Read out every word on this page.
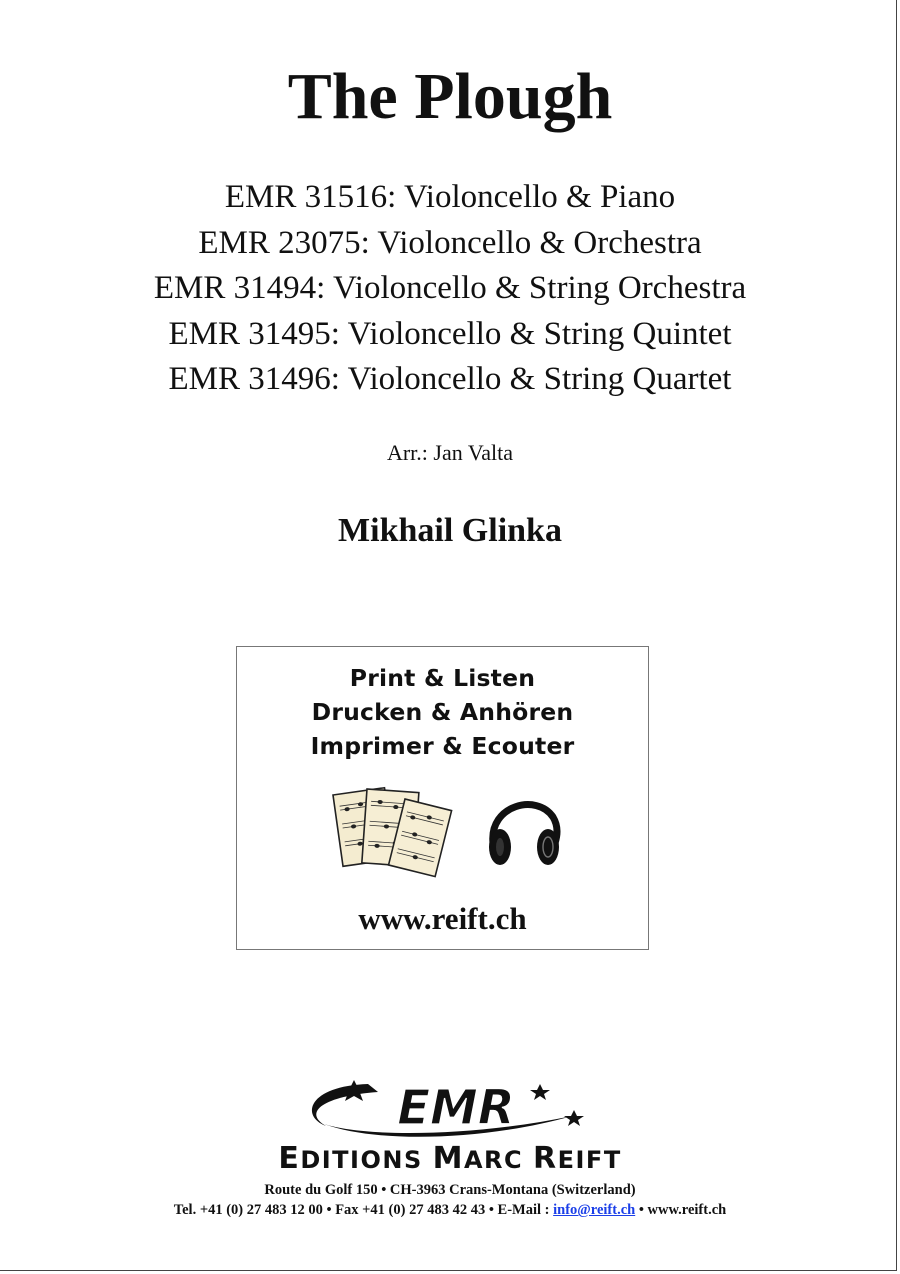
The Plough
EMR 31516: Violoncello & Piano
EMR 23075: Violoncello & Orchestra
EMR 31494: Violoncello & String Orchestra
EMR 31495: Violoncello & String Quintet
EMR 31496: Violoncello & String Quartet
Arr.: Jan Valta
Mikhail Glinka
Print & Listen
Drucken & Anhören
Imprimer & Ecouter
www.reift.ch
EMR
EDITIONS MARC REIFT
Route du Golf 150 • CH-3963 Crans-Montana (Switzerland)
Tel. +41 (0) 27 483 12 00 • Fax +41 (0) 27 483 42 43 • E-Mail : info@reift.ch • www.reift.ch
